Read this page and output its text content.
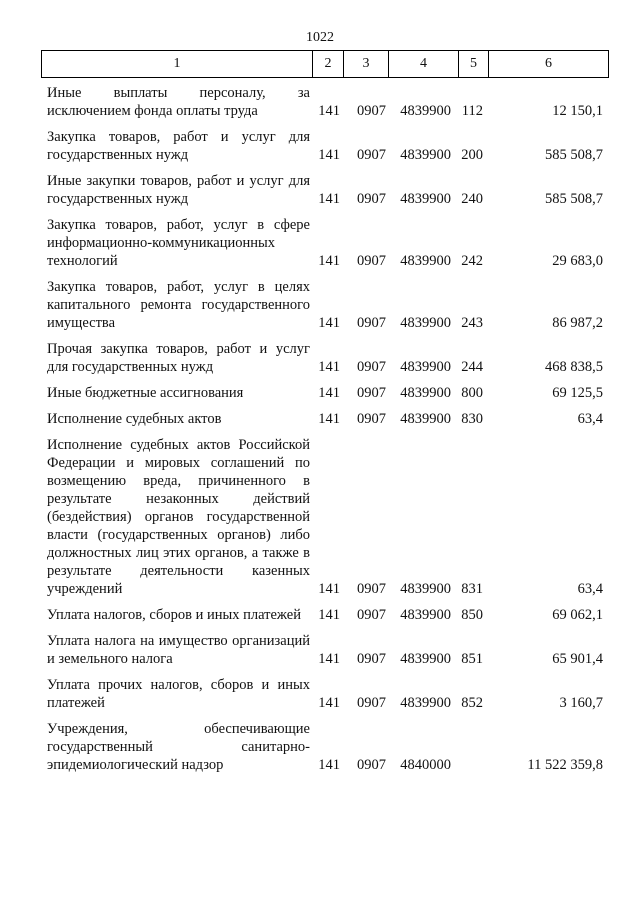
1022
1	2	3	4	5	6
Иные выплаты персоналу, за исключением фонда оплаты труда	141	0907 4839900 112	12 150,1
Закупка товаров, работ и услуг для государственных нужд	141	0907 4839900 200	585 508,7
Иные закупки товаров, работ и услуг для государственных нужд	141	0907 4839900 240	585 508,7
Закупка товаров, работ, услуг в сфере информационно-коммуникационных технологий	141	0907 4839900 242	29 683,0
Закупка товаров, работ, услуг в целях капитального ремонта государственного имущества	141	0907 4839900 243	86 987,2
Прочая закупка товаров, работ и услуг для государственных нужд	141	0907 4839900 244	468 838,5
Иные бюджетные ассигнования	141	0907 4839900 800	69 125,5
Исполнение судебных актов	141	0907 4839900 830	63,4
Исполнение судебных актов Российской Федерации и мировых соглашений по возмещению вреда, причиненного в результате незаконных действий (бездействия) органов государственной власти (государственных органов) либо должностных лиц этих органов, а также в результате деятельности казенных учреждений	141	0907 4839900 831	63,4
Уплата налогов, сборов и иных платежей	141	0907 4839900 850	69 062,1
Уплата налога на имущество организаций и земельного налога	141	0907 4839900 851	65 901,4
Уплата прочих налогов, сборов и иных платежей	141	0907 4839900 852	3 160,7
Учреждения, обеспечивающие государственный санитарно-эпидемиологический надзор	141	0907 4840000	11 522 359,8
